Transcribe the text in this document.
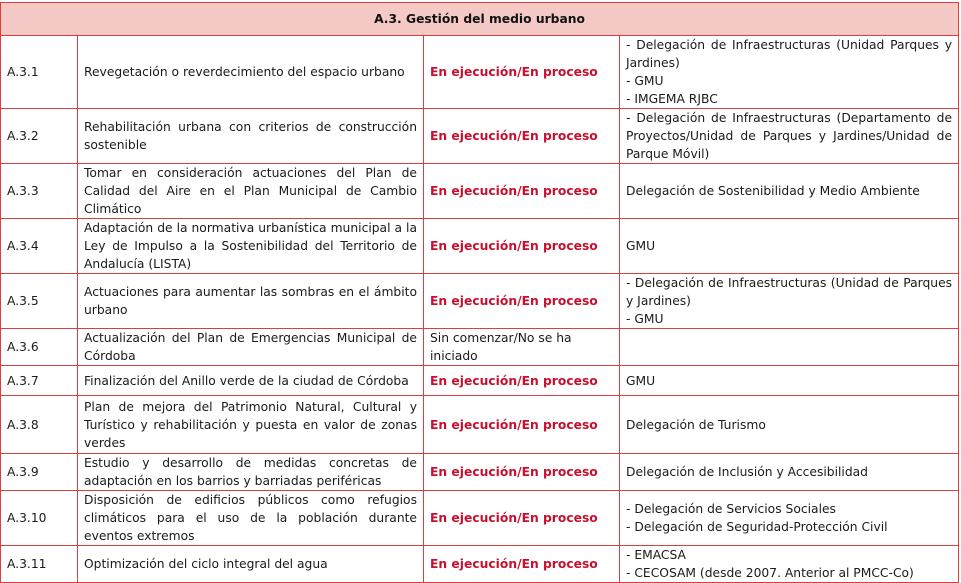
A.3. Gestión del medio urbano			
A.3.1	Revegetación o reverdecimiento del espacio urbano	En ejecución/En proceso	- Delegación de Infraestructuras (Unidad Parques y Jardines)
- GMU
- IMGEMA RJBC

A.3.2	Rehabilitación urbana con criterios de construcción sostenible	En ejecución/En proceso	- Delegación de Infraestructuras (Departamento de Proyectos/Unidad de Parques y Jardines/Unidad de Parque Móvil)

A.3.3	Tomar en consideración actuaciones del Plan de Calidad del Aire en el Plan Municipal de Cambio Climático	En ejecución/En proceso	Delegación de Sostenibilidad y Medio Ambiente

A.3.4	Adaptación de la normativa urbanística municipal a la Ley de Impulso a la Sostenibilidad del Territorio de Andalucía (LISTA)	En ejecución/En proceso	GMU

A.3.5	Actuaciones para aumentar las sombras en el ámbito urbano	En ejecución/En proceso	- Delegación de Infraestructuras (Unidad de Parques y Jardines)
- GMU

A.3.6	Actualización del Plan de Emergencias Municipal de Córdoba	Sin comenzar/No se ha iniciado	
A.3.7	Finalización del Anillo verde de la ciudad de Córdoba	En ejecución/En proceso	GMU

A.3.8	Plan de mejora del Patrimonio Natural, Cultural y Turístico y rehabilitación y puesta en valor de zonas verdes	En ejecución/En proceso	Delegación de Turismo

A.3.9	Estudio y desarrollo de medidas concretas de adaptación en los barrios y barriadas periféricas	En ejecución/En proceso	Delegación de Inclusión y Accesibilidad

A.3.10	Disposición de edificios públicos como refugios climáticos para el uso de la población durante eventos extremos	En ejecución/En proceso	- Delegación de Servicios Sociales
- Delegación de Seguridad-Protección Civil

A.3.11	Optimización del ciclo integral del agua	En ejecución/En proceso	- EMACSA
- CECOSAM (desde 2007. Anterior al PMCC-Co)
